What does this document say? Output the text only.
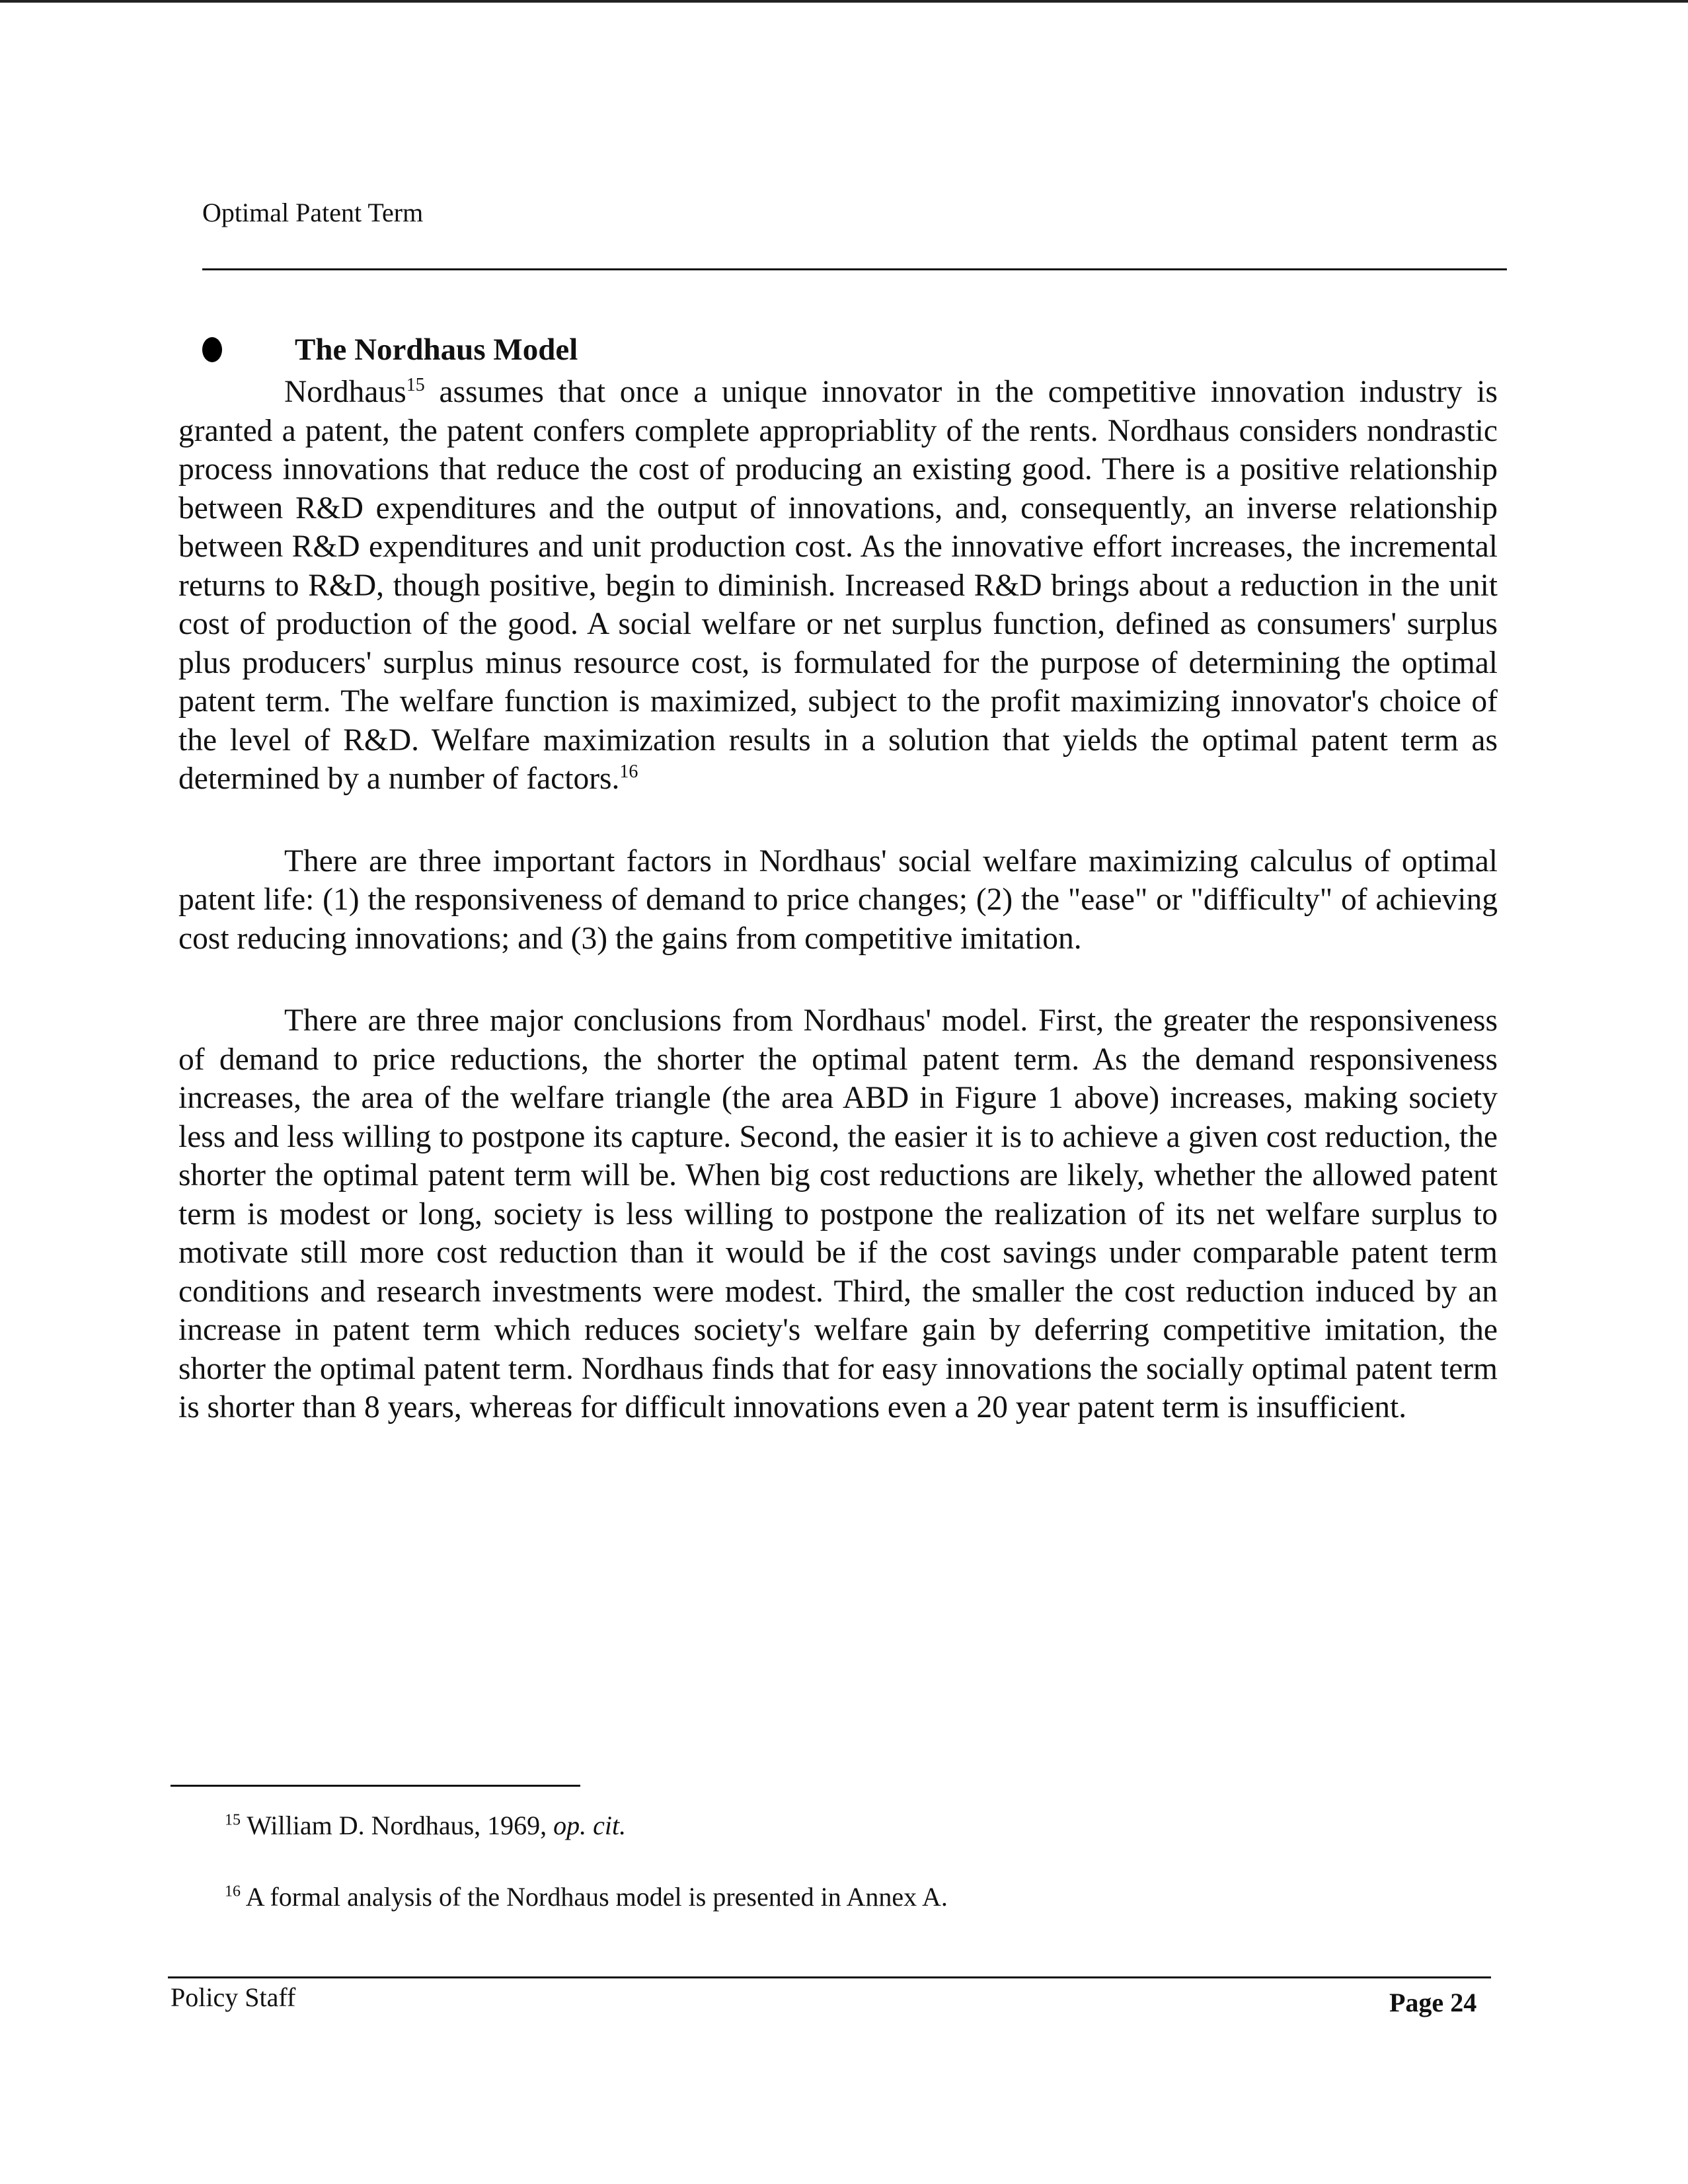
Optimal Patent Term
The Nordhaus Model

Nordhaus$^{15}$ assumes that once a unique innovator in the competitive innovation industry is granted a patent, the patent confers complete appropriablity of the rents. Nordhaus considers nondrastic process innovations that reduce the cost of producing an existing good. There is a positive relationship between R&D expenditures and the output of innovations, and, consequently, an inverse relationship between R&D expenditures and unit production cost. As the innovative effort increases, the incremental returns to R&D, though positive, begin to diminish. Increased R&D brings about a reduction in the unit cost of production of the good. A social welfare or net surplus function, defined as consumers' surplus plus producers' surplus minus resource cost, is formulated for the purpose of determining the optimal patent term. The welfare function is maximized, subject to the profit maximizing innovator's choice of the level of R&D. Welfare maximization results in a solution that yields the optimal patent term as determined by a number of factors.$^{16}$

There are three important factors in Nordhaus' social welfare maximizing calculus of optimal patent life: (1) the responsiveness of demand to price changes; (2) the "ease" or "difficulty" of achieving cost reducing innovations; and (3) the gains from competitive imitation.

There are three major conclusions from Nordhaus' model. First, the greater the responsiveness of demand to price reductions, the shorter the optimal patent term. As the demand responsiveness increases, the area of the welfare triangle (the area ABD in Figure 1 above) increases, making society less and less willing to postpone its capture. Second, the easier it is to achieve a given cost reduction, the shorter the optimal patent term will be. When big cost reductions are likely, whether the allowed patent term is modest or long, society is less willing to postpone the realization of its net welfare surplus to motivate still more cost reduction than it would be if the cost savings under comparable patent term conditions and research investments were modest. Third, the smaller the cost reduction induced by an increase in patent term which reduces society's welfare gain by deferring competitive imitation, the shorter the optimal patent term. Nordhaus finds that for easy innovations the socially optimal patent term is shorter than 8 years, whereas for difficult innovations even a 20 year patent term is insufficient.

$^{15}$ William D. Nordhaus, 1969, op. cit.
$^{16}$ A formal analysis of the Nordhaus model is presented in Annex A.
Policy Staff	Page 24
